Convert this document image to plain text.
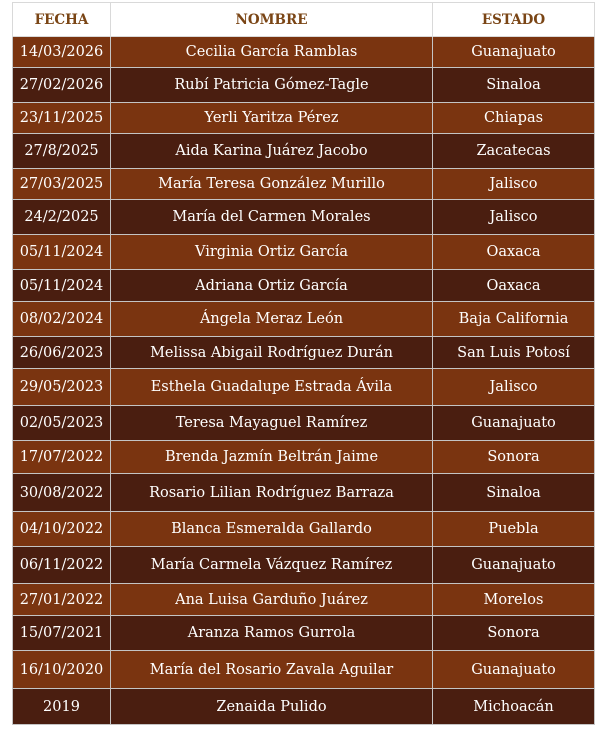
FECHA	NOMBRE	ESTADO
14/03/2026	Cecilia García Ramblas	Guanajuato
27/02/2026	Rubí Patricia Gómez-Tagle	Sinaloa
23/11/2025	Yerli Yaritza Pérez	Chiapas
27/8/2025	Aida Karina Juárez Jacobo	Zacatecas
27/03/2025	María Teresa González Murillo	Jalisco
24/2/2025	María del Carmen Morales	Jalisco
05/11/2024	Virginia Ortiz García	Oaxaca
05/11/2024	Adriana Ortiz García	Oaxaca
08/02/2024	Ángela Meraz León	Baja California
26/06/2023	Melissa Abigail Rodríguez Durán	San Luis Potosí
29/05/2023	Esthela Guadalupe Estrada Ávila	Jalisco
02/05/2023	Teresa Mayaguel Ramírez	Guanajuato
17/07/2022	Brenda Jazmín Beltrán Jaime	Sonora
30/08/2022	Rosario Lilian Rodríguez Barraza	Sinaloa
04/10/2022	Blanca Esmeralda Gallardo	Puebla
06/11/2022	María Carmela Vázquez Ramírez	Guanajuato
27/01/2022	Ana Luisa Garduño Juárez	Morelos
15/07/2021	Aranza Ramos Gurrola	Sonora
16/10/2020	María del Rosario Zavala Aguilar	Guanajuato
2019	Zenaida Pulido	Michoacán
